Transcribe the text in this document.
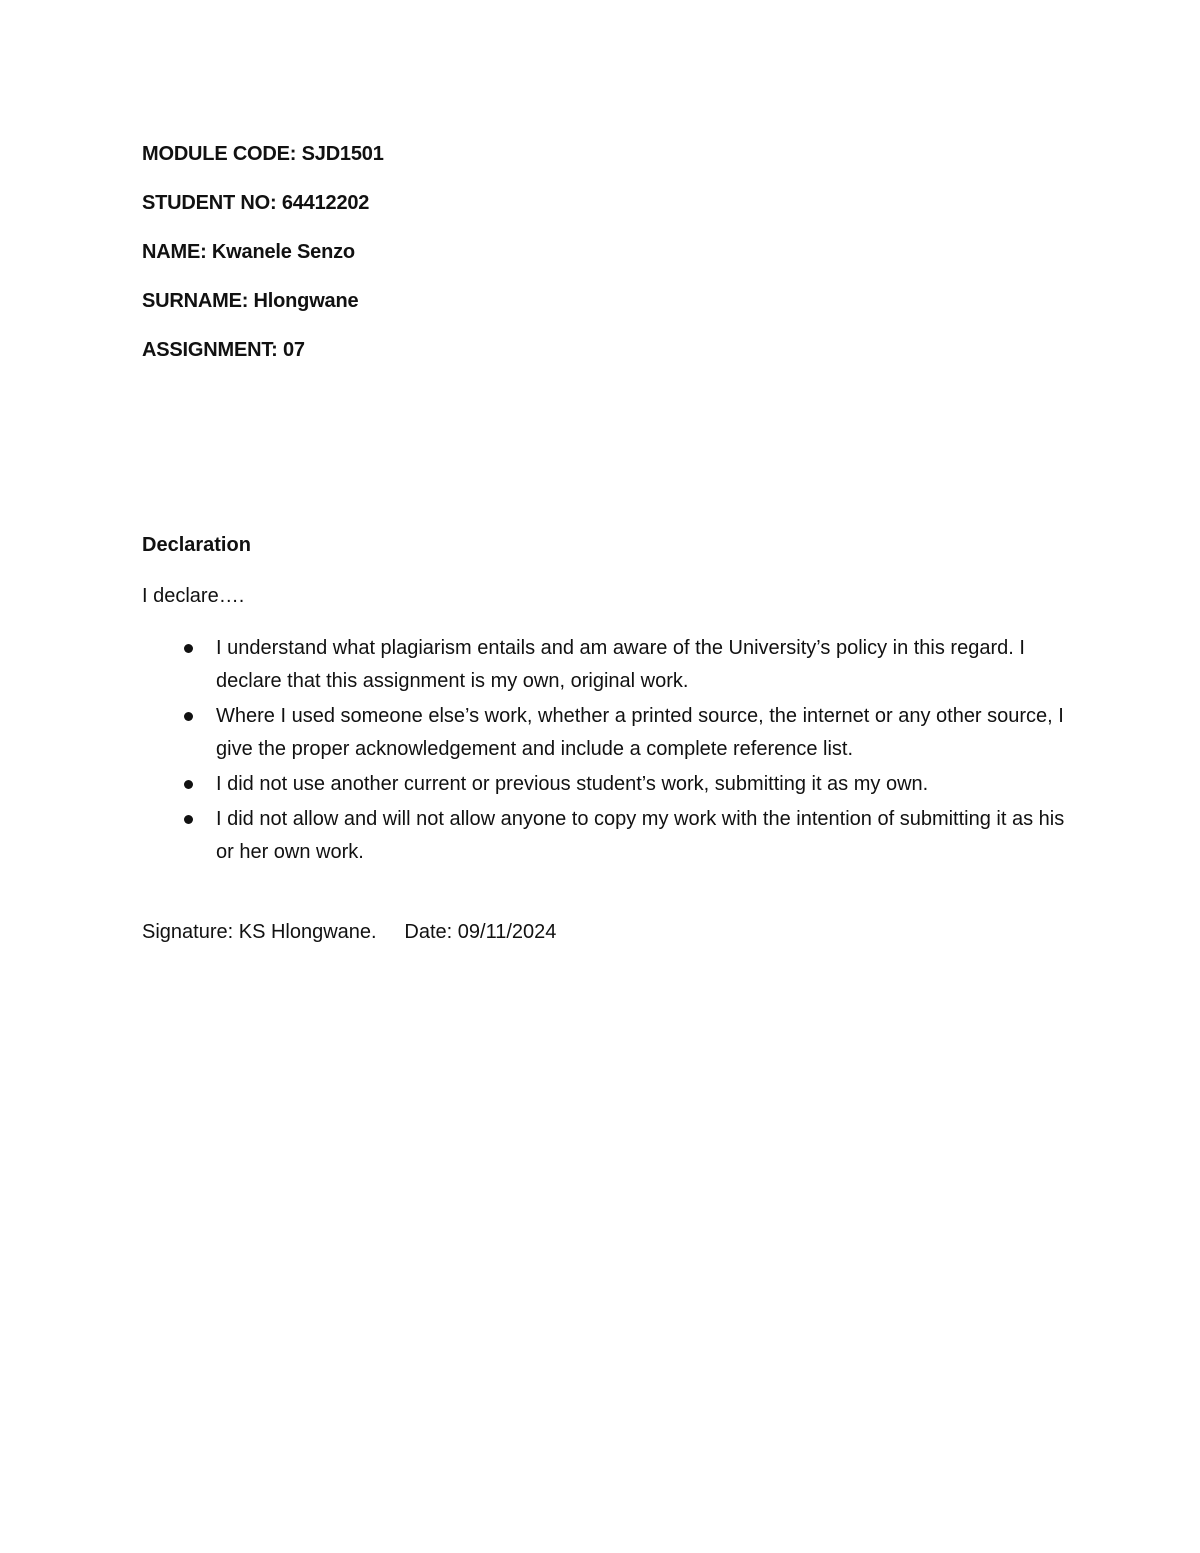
MODULE CODE: SJD1501
STUDENT NO: 64412202
NAME: Kwanele Senzo
SURNAME: Hlongwane
ASSIGNMENT: 07
Declaration
I declare….
I understand what plagiarism entails and am aware of the University’s policy in this regard. I declare that this assignment is my own, original work.
Where I used someone else’s work, whether a printed source, the internet or any other source, I give the proper acknowledgement and include a complete reference list.
I did not use another current or previous student’s work, submitting it as my own.
I did not allow and will not allow anyone to copy my work with the intention of submitting it as his or her own work.
Signature: KS Hlongwane. Date: 09/11/2024
